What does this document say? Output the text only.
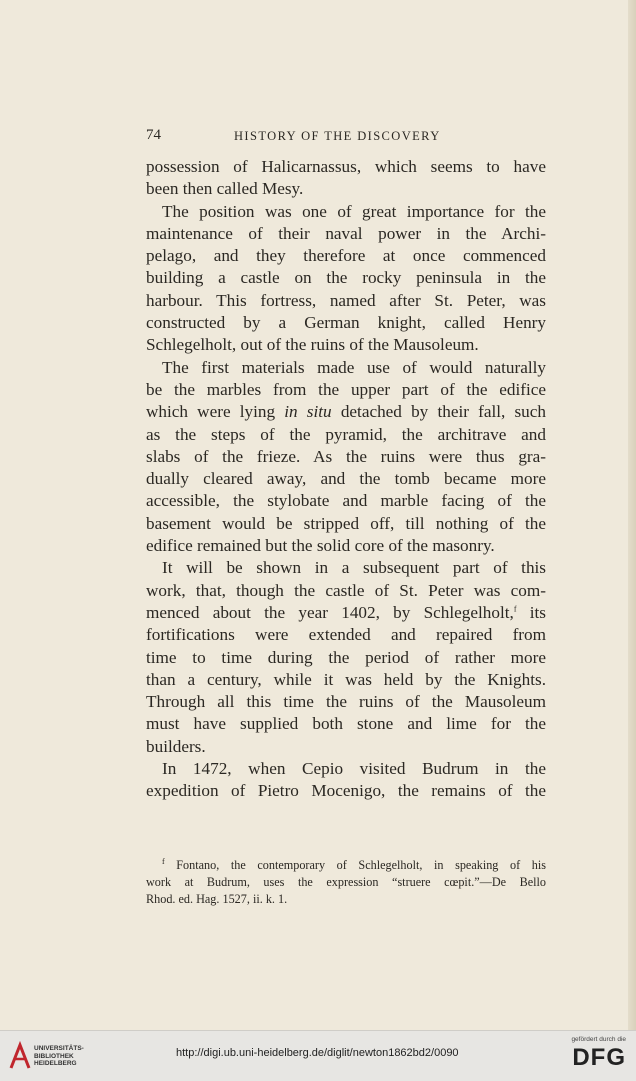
74	HISTORY OF THE DISCOVERY
possession of Halicarnassus, which seems to have
been then called Mesy.
The position was one of great importance for the
maintenance of their naval power in the Archi-
pelago, and they therefore at once commenced
building a castle on the rocky peninsula in the
harbour. This fortress, named after St. Peter, was
constructed by a German knight, called Henry
Schlegelholt, out of the ruins of the Mausoleum.
The first materials made use of would naturally
be the marbles from the upper part of the edifice
which were lying in situ detached by their fall, such
as the steps of the pyramid, the architrave and
slabs of the frieze. As the ruins were thus gra-
dually cleared away, and the tomb became more
accessible, the stylobate and marble facing of the
basement would be stripped off, till nothing of the
edifice remained but the solid core of the masonry.
It will be shown in a subsequent part of this
work, that, though the castle of St. Peter was com-
menced about the year 1402, by Schlegelholt,$^f$ its
fortifications were extended and repaired from
time to time during the period of rather more
than a century, while it was held by the Knights.
Through all this time the ruins of the Mausoleum
must have supplied both stone and lime for the
builders.
In 1472, when Cepio visited Budrum in the
expedition of Pietro Mocenigo, the remains of the
$^f$ Fontano, the contemporary of Schlegelholt, in speaking of his
work at Budrum, uses the expression “struere cœpit.”—De Bello
Rhod. ed. Hag. 1527, ii. k. 1.
UNIVERSITÄTS-
BIBLIOTHEK
HEIDELBERG
http://digi.ub.uni-heidelberg.de/diglit/newton1862bd2/0090
gefördert durch die
DFG
